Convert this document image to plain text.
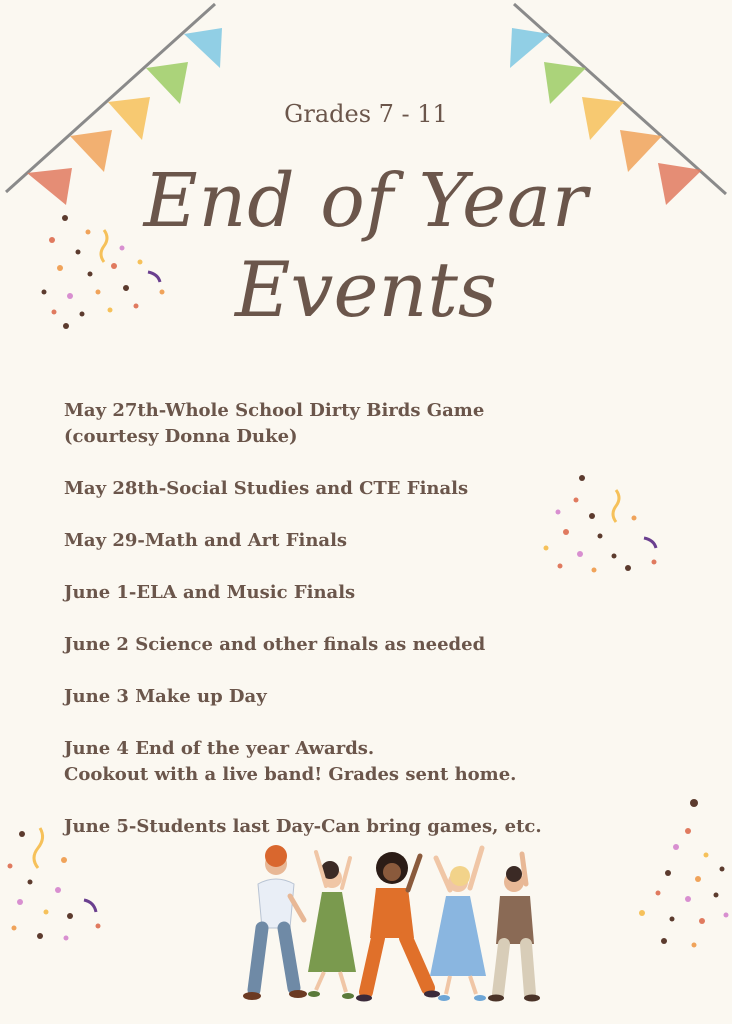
Grades 7 - 11
End of Year
Events
May 27th-Whole School Dirty Birds Game
(courtesy Donna Duke)
May 28th-Social Studies and CTE Finals
May 29-Math and Art Finals
June 1-ELA and Music Finals
June 2 Science and other finals as needed
June 3 Make up Day
June 4 End of the year Awards.
Cookout with a live band! Grades sent home.
June 5-Students last Day-Can bring games, etc.
